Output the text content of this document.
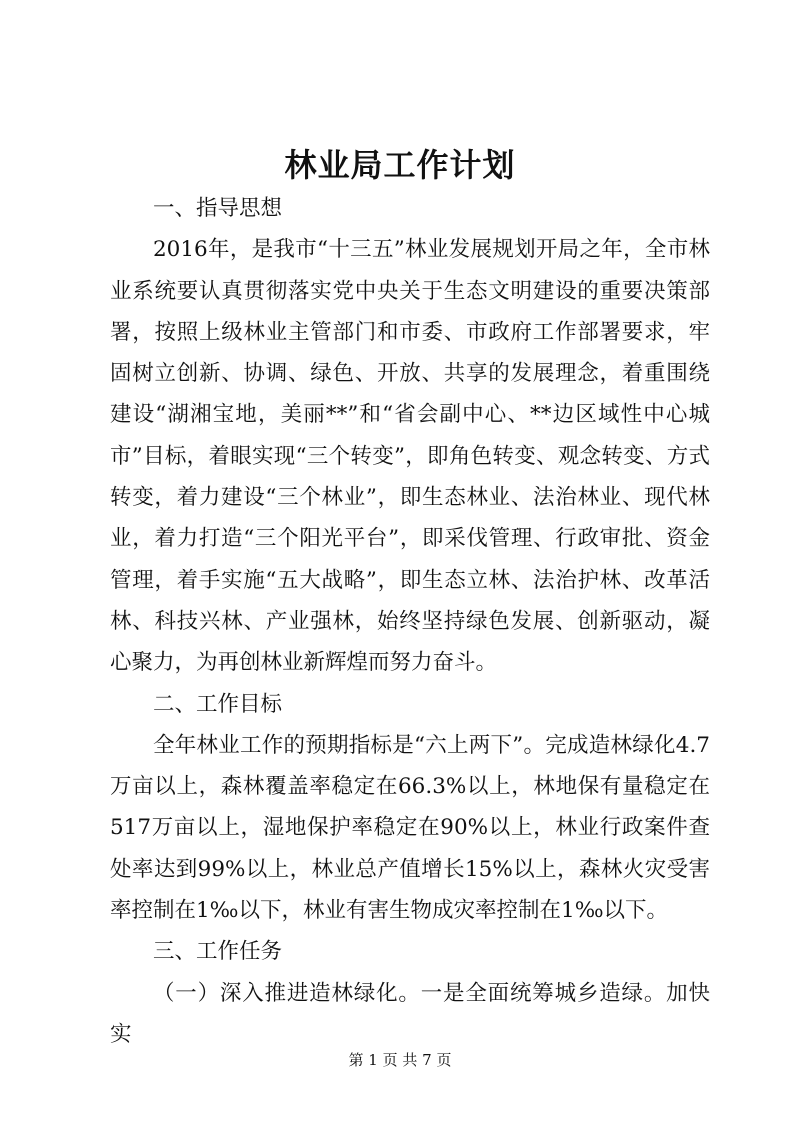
林业局工作计划
一、指导思想

2016年，是我市“十三五”林业发展规划开局之年，全市林业系统要认真贯彻落实党中央关于生态文明建设的重要决策部署，按照上级林业主管部门和市委、市政府工作部署要求，牢固树立创新、协调、绿色、开放、共享的发展理念，着重围绕建设“湖湘宝地，美丽**”和“省会副中心、**边区域性中心城市”目标，着眼实现“三个转变”，即角色转变、观念转变、方式转变，着力建设“三个林业”，即生态林业、法治林业、现代林业，着力打造“三个阳光平台”，即采伐管理、行政审批、资金管理，着手实施“五大战略”，即生态立林、法治护林、改革活林、科技兴林、产业强林，始终坚持绿色发展、创新驱动，凝心聚力，为再创林业新辉煌而努力奋斗。

二、工作目标

全年林业工作的预期指标是“六上两下”。完成造林绿化4.7万亩以上，森林覆盖率稳定在66.3%以上，林地保有量稳定在517万亩以上，湿地保护率稳定在90%以上，林业行政案件查处率达到99%以上，林业总产值增长15%以上，森林火灾受害率控制在1‰以下，林业有害生物成灾率控制在1‰以下。

三、工作任务

（一）深入推进造林绿化。一是全面统筹城乡造绿。加快实

第 1 页 共 7 页
